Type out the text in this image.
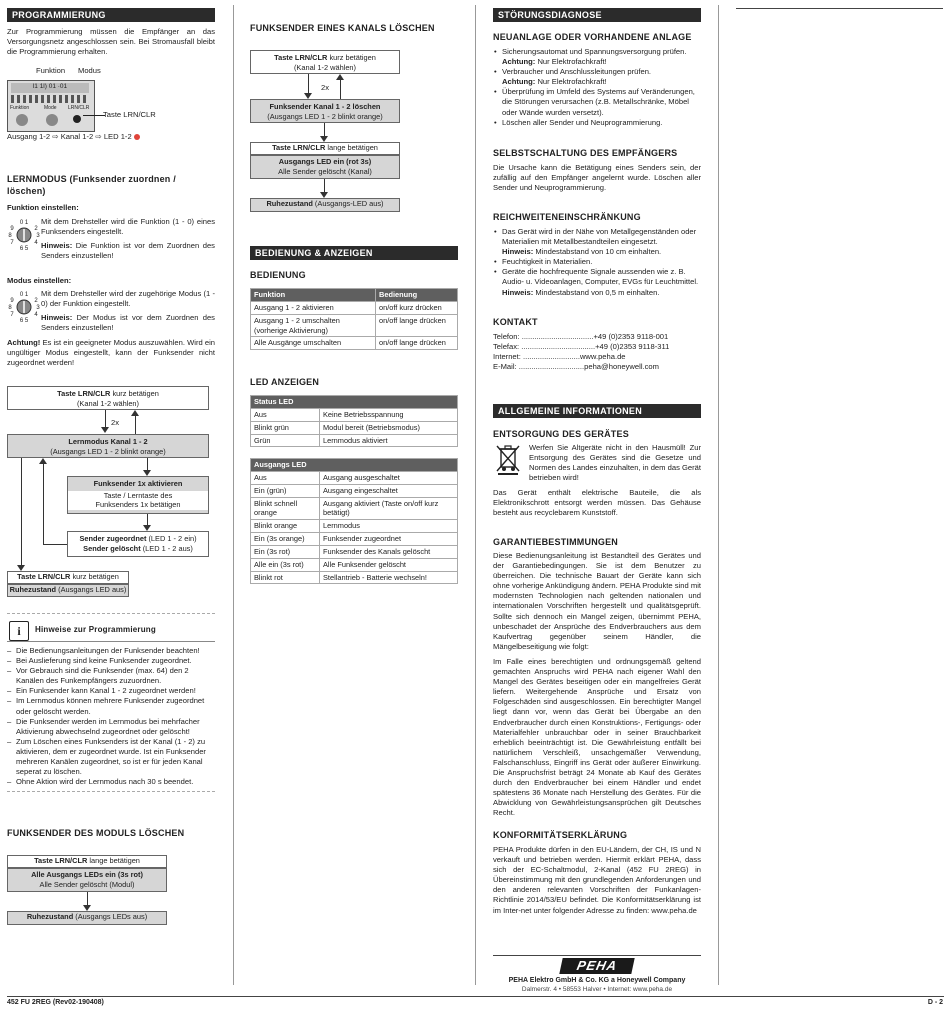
PROGRAMMIERUNG
Zur Programmierung müssen die Empfänger an das Versorgungsnetz angeschlossen sein. Bei Stromausfall bleibt die Programmierung erhalten.
Funktion Modus
l1 1l) 01 ·01
Funktion	Mode LRN/CLR
Taste LRN/CLR
Ausgang 1-2 ⇨ Kanal 1-2 ⇨ LED 1-2
LERNMODUS (Funksender zuordnen / löschen)
Funktion einstellen:
0 1
9	2
8	3
7	4
6 5
Mit dem Drehsteller wird die Funktion (1 - 0) eines Funksenders eingestellt.
Hinweis: Die Funktion ist vor dem Zuordnen des Senders einzustellen!
Modus einstellen:
0 1
9	2
8	3
7	4
6 5
Mit dem Drehsteller wird der zugehörige Modus (1 - 0) der Funktion eingestellt.
Hinweis: Der Modus ist vor dem Zuordnen des Senders einzustellen!
Achtung! Es ist ein geeigneter Modus auszuwählen. Wird ein ungültiger Modus eingestellt, kann der Funksender nicht zugeordnet werden!
Taste LRN/CLR kurz betätigen
(Kanal 1-2 wählen)
2x
Lernmodus Kanal 1 - 2
(Ausgangs LED 1 - 2 blinkt orange)
Funksender 1x aktivieren

Taste / Lerntaste des
Funksenders 1x betätigen
Sender zugeordnet (LED 1 - 2 ein)
Sender gelöscht (LED 1 - 2 aus)
Taste LRN/CLR kurz betätigen
Ruhezustand (Ausgangs LED aus)
i	Hinweise zur Programmierung
– Die Bedienungsanleitungen der Funksender beachten!
– Bei Auslieferung sind keine Funksender zugeordnet.
– Vor Gebrauch sind die Funksender (max. 64) den 2 Kanälen des Funkempfängers zuzuordnen.
– Ein Funksender kann Kanal 1 - 2 zugeordnet werden!
– Im Lernmodus können mehrere Funksender zugeordnet oder gelöscht werden.
– Die Funksender werden im Lernmodus bei mehrfacher Aktivierung abwechselnd zugeordnet oder gelöscht!
– Zum Löschen eines Funksenders ist der Kanal (1 - 2) zu aktivieren, dem er zugeordnet wurde. Ist ein Funksender mehreren Kanälen zugeordnet, so ist er für jeden Kanal seperat zu löschen.
– Ohne Aktion wird der Lernmodus nach 30 s beendet.
FUNKSENDER DES MODULS LÖSCHEN
Taste LRN/CLR lange betätigen
Alle Ausgangs LEDs ein (3s rot)
Alle Sender gelöscht (Modul)
Ruhezustand (Ausgangs LEDs aus)
FUNKSENDER EINES KANALS LÖSCHEN
Taste LRN/CLR kurz betätigen
(Kanal 1-2 wählen)
2x
Funksender Kanal 1 - 2 löschen
(Ausgangs LED 1 - 2 blinkt orange)
Taste LRN/CLR lange betätigen
Ausgangs LED ein (rot 3s)
Alle Sender gelöscht (Kanal)
Ruhezustand (Ausgangs-LED aus)
BEDIENUNG & ANZEIGEN
BEDIENUNG
Funktion	Bedienung
Ausgang 1 - 2 aktivieren	on/off kurz drücken
Ausgang 1 - 2 umschalten (vorherige Aktivierung)	on/off lange drücken
Alle Ausgänge umschalten	on/off lange drücken
LED ANZEIGEN
Status LED	
Aus	Keine Betriebsspannung
Blinkt grün	Modul bereit (Betriebsmodus)
Grün	Lernmodus aktiviert
Ausgangs LED	
Aus	Ausgang ausgeschaltet
Ein (grün)	Ausgang eingeschaltet
Blinkt schnell orange	Ausgang aktiviert (Taste on/off kurz betätigt)
Blinkt orange	Lernmodus
Ein (3s orange)	Funksender zugeordnet
Ein (3s rot)	Funksender des Kanals gelöscht
Alle ein (3s rot)	Alle Funksender gelöscht
Blinkt rot	Stellantrieb - Batterie wechseln!
STÖRUNGSDIAGNOSE
NEUANLAGE ODER VORHANDENE ANLAGE
• Sicherungsautomat und Spannungsversorgung prüfen.
Achtung: Nur Elektrofachkraft!
• Verbraucher und Anschlussleitungen prüfen.
Achtung: Nur Elektrofachkraft!
• Überprüfung im Umfeld des Systems auf Veränderungen, die Störungen verursachen (z.B. Metallschränke, Möbel oder Wände wurden versetzt).
• Löschen aller Sender und Neuprogrammierung.
SELBSTSCHALTUNG DES EMPFÄNGERS
Die Ursache kann die Betätigung eines Senders sein, der zufällig auf den Empfänger angelernt wurde. Löschen aller Sender und Neuprogrammierung.
REICHWEITENEINSCHRÄNKUNG
• Das Gerät wird in der Nähe von Metallgegenständen oder Materialien mit Metallbestandteilen eingesetzt.
Hinweis: Mindestabstand von 10 cm einhalten.
• Feuchtigkeit in Materialien.
• Geräte die hochfrequente Signale aussenden wie z. B. Audio- u. Videoanlagen, Computer, EVGs für Leuchtmittel.
Hinweis: Mindestabstand von 0,5 m einhalten.
KONTAKT
Telefon: ..................................+49 (0)2353 9118-001
Telefax: ...................................+49 (0)2353 9118-311
Internet: ...........................www.peha.de
E-Mail: ...............................peha@honeywell.com
ALLGEMEINE INFORMATIONEN
ENTSORGUNG DES GERÄTES
Werfen Sie Altgeräte nicht in den Hausmüll! Zur Entsorgung des Gerätes sind die Gesetze und Normen des Landes einzuhalten, in dem das Gerät betrieben wird!
Das Gerät enthält elektrische Bauteile, die als Elektronikschrott entsorgt werden müssen. Das Gehäuse besteht aus recyclebarem Kunststoff.
GARANTIEBESTIMMUNGEN
Diese Bedienungsanleitung ist Bestandteil des Gerätes und der Garantiebedingungen. Sie ist dem Benutzer zu überreichen. Die technische Bauart der Geräte kann sich ohne vorherige Ankündigung ändern. PEHA Produkte sind mit modernsten Technologien nach geltenden nationalen und internationalen Vorschriften hergestellt und qualitätsgeprüft. Sollte sich dennoch ein Mangel zeigen, übernimmt PEHA, unbeschadet der Ansprüche des Endverbrauchers aus dem Kaufvertrag gegenüber seinem Händler, die Mängelbeseitigung wie folgt:
Im Falle eines berechtigten und ordnungsgemäß geltend gemachten Anspruchs wird PEHA nach eigener Wahl den Mangel des Gerätes beseitigen oder ein mangelfreies Gerät liefern. Weitergehende Ansprüche und Ersatz von Folgeschäden sind ausgeschlossen. Ein berechtigter Mangel liegt dann vor, wenn das Gerät bei Übergabe an den Endverbraucher durch einen Konstruktions-, Fertigungs- oder Materialfehler unbrauchbar oder in seiner Brauchbarkeit erheblich beeinträchtigt ist. Die Gewährleistung entfällt bei natürlichem Verschleiß, unsachgemäßer Verwendung, Falschanschluss, Eingriff ins Gerät oder äußerer Einwirkung. Die Anspruchsfrist beträgt 24 Monate ab Kauf des Gerätes durch den Endverbraucher bei einem Händler und endet spätestens 36 Monate nach Herstellung des Gerätes. Für die Abwicklung von Gewährleistungsansprüchen gilt Deutsches Recht.
KONFORMITÄTSERKLÄRUNG
PEHA Produkte dürfen in den EU-Ländern, der CH, IS und N verkauft und betrieben werden. Hiermit erklärt PEHA, dass sich der EC-Schaltmodul, 2-Kanal (452 FU 2REG) in Übereinstimmung mit den grundlegenden Anforderungen und den anderen relevanten Vorschriften der Funkanlagen-Richtlinie 2014/53/EU befindet. Die Konformitätserklärung ist im Inter-net unter folgender Adresse zu finden: www.peha.de
PEHA
PEHA Elektro GmbH & Co. KG a Honeywell Company
Dalmerstr. 4 • 58553 Halver • Internet: www.peha.de
452 FU 2REG (Rev02-190408)	D - 2
